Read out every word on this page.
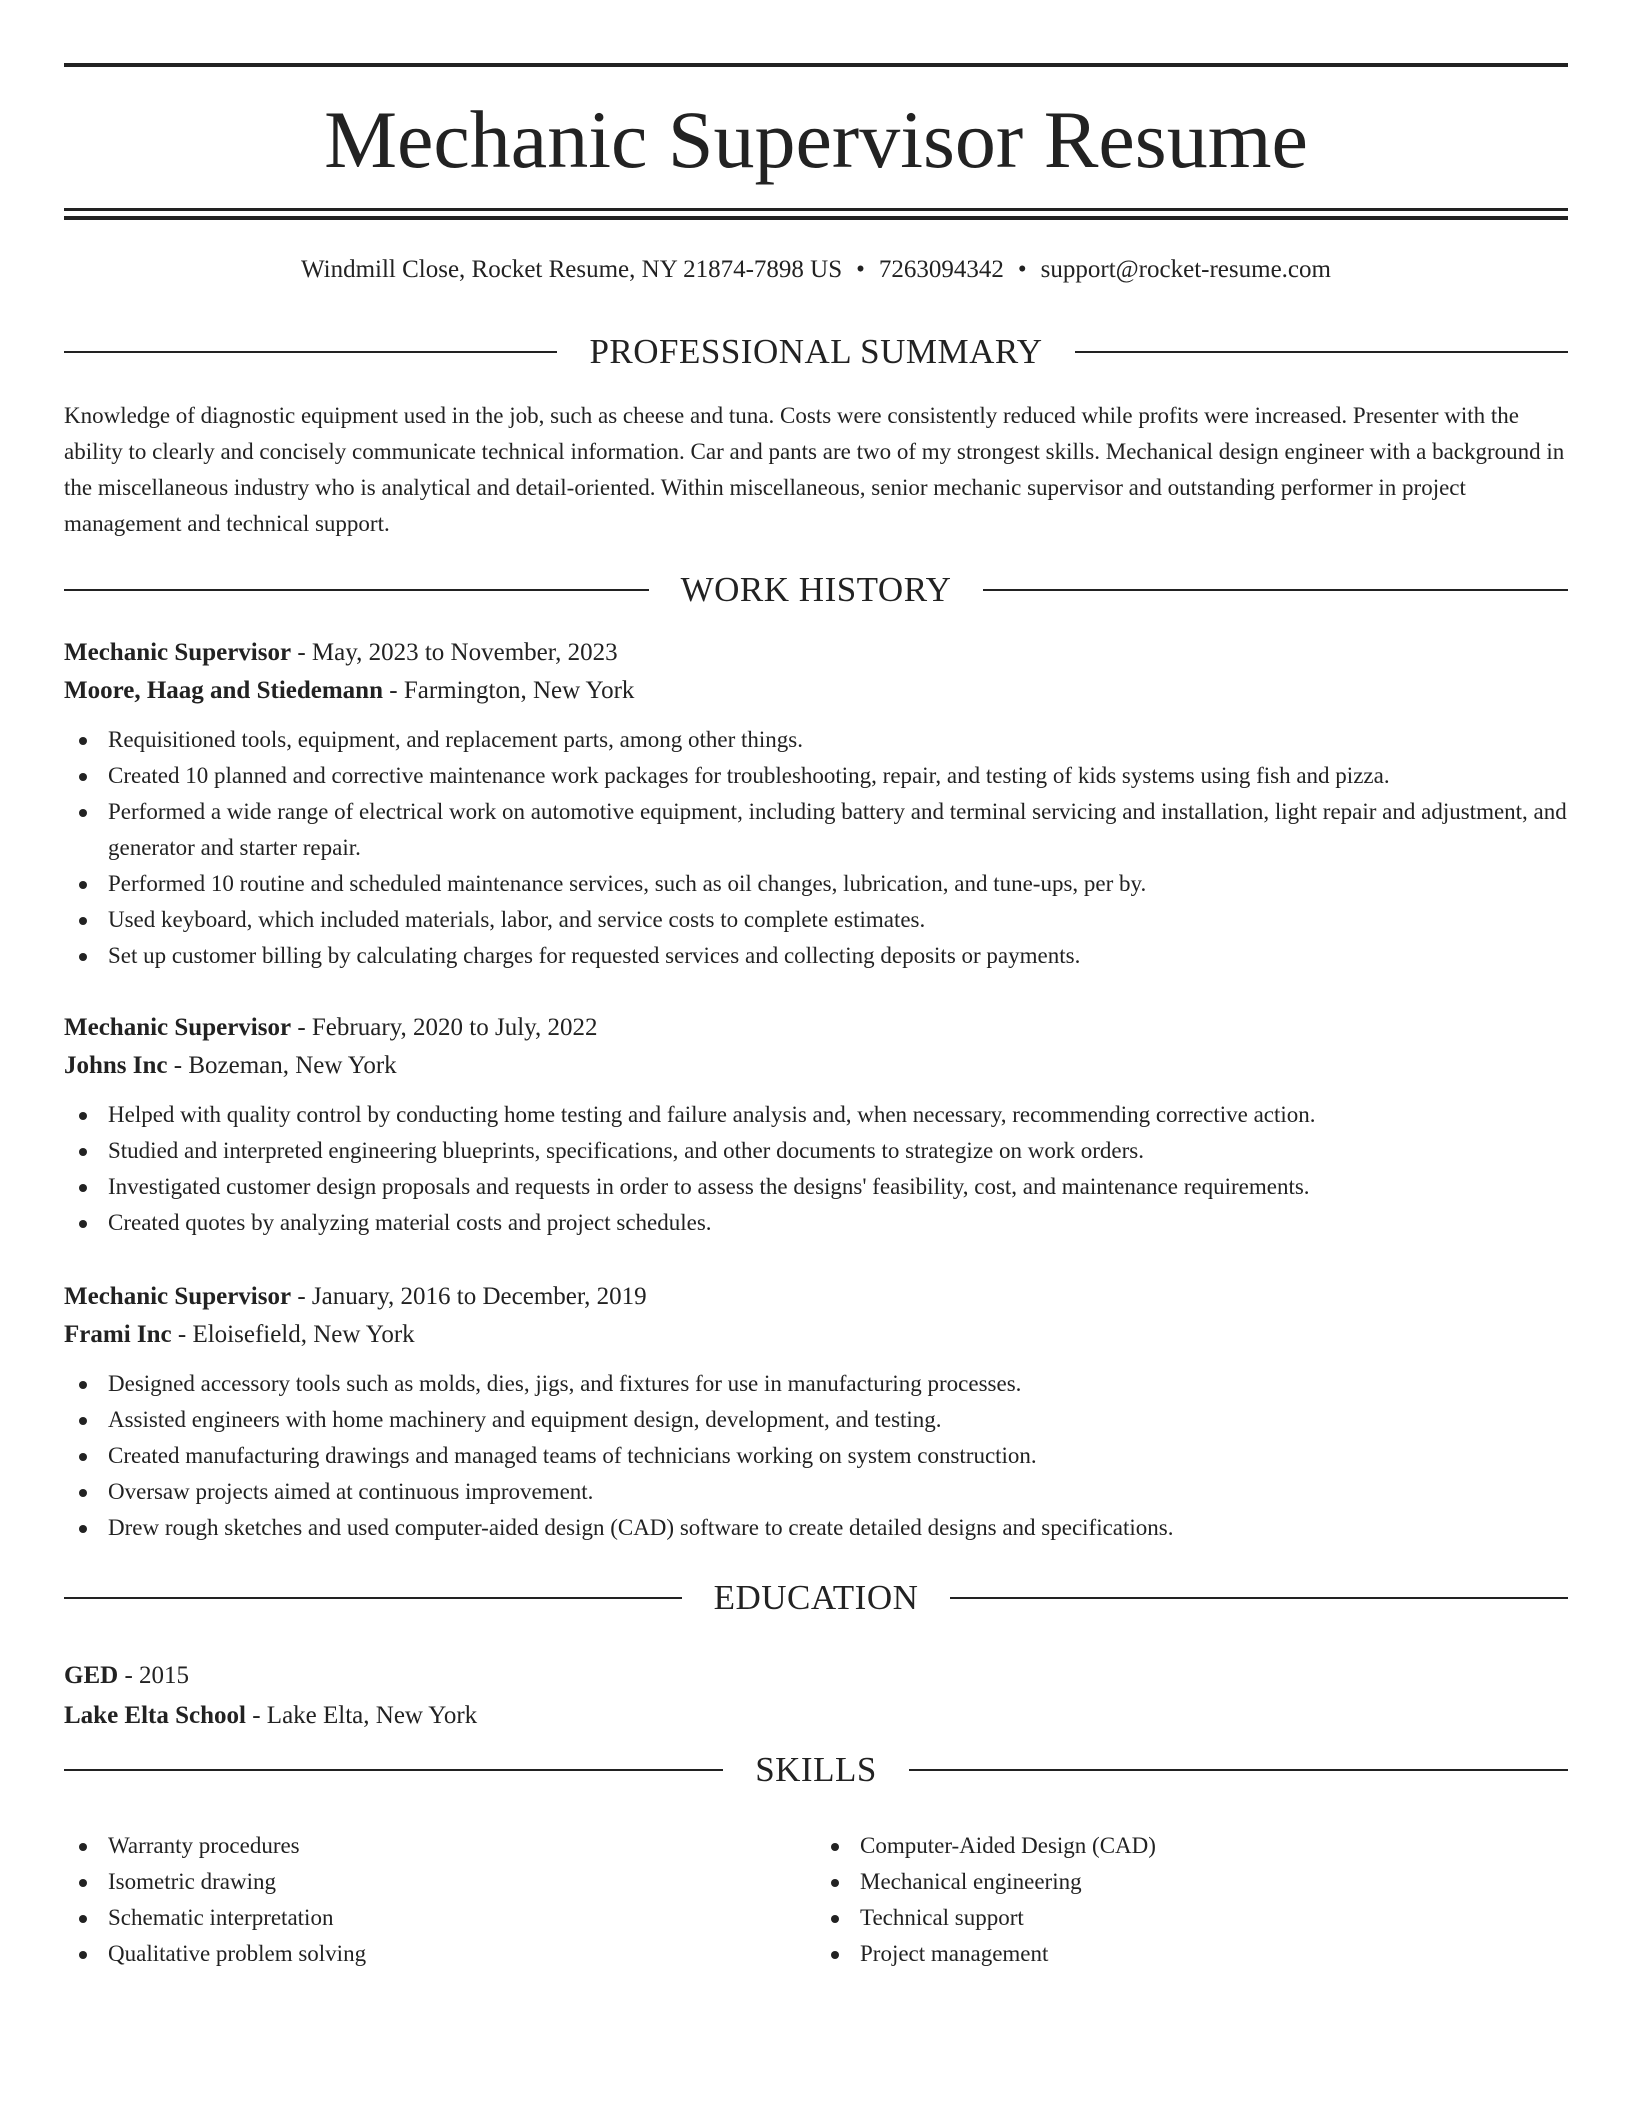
Mechanic Supervisor Resume
Windmill Close, Rocket Resume, NY 21874-7898 US • 7263094342 • support@rocket-resume.com
PROFESSIONAL SUMMARY

Knowledge of diagnostic equipment used in the job, such as cheese and tuna. Costs were consistently reduced while profits were increased. Presenter with the ability to clearly and concisely communicate technical information. Car and pants are two of my strongest skills. Mechanical design engineer with a background in the miscellaneous industry who is analytical and detail-oriented. Within miscellaneous, senior mechanic supervisor and outstanding performer in project management and technical support.

WORK HISTORY
Mechanic Supervisor - May, 2023 to November, 2023
Moore, Haag and Stiedemann - Farmington, New York
Requisitioned tools, equipment, and replacement parts, among other things.
Created 10 planned and corrective maintenance work packages for troubleshooting, repair, and testing of kids systems using fish and pizza.
Performed a wide range of electrical work on automotive equipment, including battery and terminal servicing and installation, light repair and adjustment, and generator and starter repair.
Performed 10 routine and scheduled maintenance services, such as oil changes, lubrication, and tune-ups, per by.
Used keyboard, which included materials, labor, and service costs to complete estimates.
Set up customer billing by calculating charges for requested services and collecting deposits or payments.
Mechanic Supervisor - February, 2020 to July, 2022
Johns Inc - Bozeman, New York
Helped with quality control by conducting home testing and failure analysis and, when necessary, recommending corrective action.
Studied and interpreted engineering blueprints, specifications, and other documents to strategize on work orders.
Investigated customer design proposals and requests in order to assess the designs' feasibility, cost, and maintenance requirements.
Created quotes by analyzing material costs and project schedules.
Mechanic Supervisor - January, 2016 to December, 2019
Frami Inc - Eloisefield, New York
Designed accessory tools such as molds, dies, jigs, and fixtures for use in manufacturing processes.
Assisted engineers with home machinery and equipment design, development, and testing.
Created manufacturing drawings and managed teams of technicians working on system construction.
Oversaw projects aimed at continuous improvement.
Drew rough sketches and used computer-aided design (CAD) software to create detailed designs and specifications.
EDUCATION
GED - 2015
Lake Elta School - Lake Elta, New York
SKILLS
Warranty procedures
Isometric drawing
Schematic interpretation
Qualitative problem solving
Computer-Aided Design (CAD)
Mechanical engineering
Technical support
Project management
